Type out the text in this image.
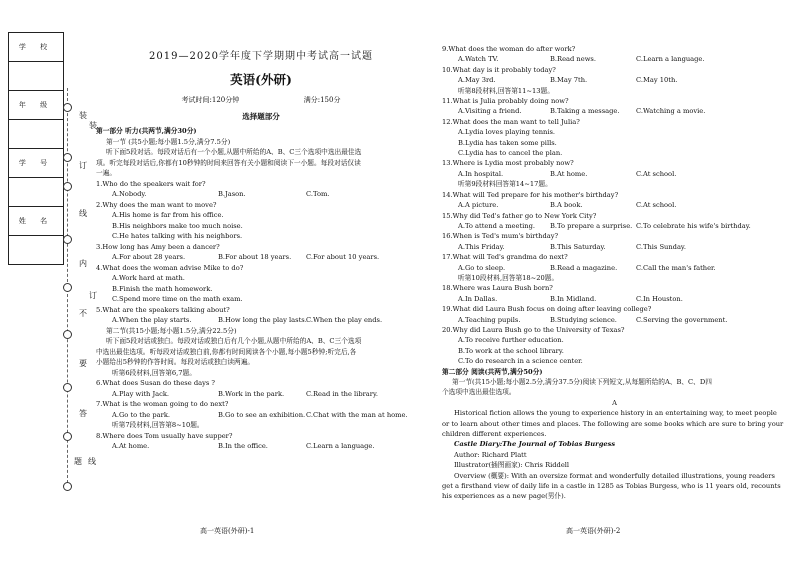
学 校

年 级

学 号

姓 名

装
装
订
线
内
订
不
要
答
题 线

2019—2020学年度下学期期中考试高一试题

英语(外研)

考试时间:120分钟	满分:150分

选择题部分

第一部分 听力(共两节,满分30分)

第一节 (共5小题;每小题1.5分,满分7.5分)

听下面5段对话。每段对话后有一个小题,从题中所给的A、B、C三个选项中选出最佳选

项。听完每段对话后,你都有10秒钟的时间来回答有关小题和阅读下一小题。每段对话仅读

一遍。

1.Who do the speakers wait for?

A.Nobody.	B.Jason.	C.Tom.

2.Why does the man want to move?

A.His home is far from his office.

B.His neighbors make too much noise.

C.He hates talking with his neighbors.

3.How long has Amy been a dancer?

A.For about 28 years.	B.For about 18 years.	C.For about 10 years.

4.What does the woman advise Mike to do?

A.Work hard at math.

B.Finish the math homework.

C.Spend more time on the math exam.

5.What are the speakers talking about?

A.When the play starts.	B.How long the play lasts. C.When the play ends.

第二节(共15小题;每小题1.5分,满分22.5分)

听下面5段对话或独白。每段对话或独白后有几个小题,从题中所给的A、B、C三个选项

中选出最佳选项。听每段对话或独白前,你都有时间阅读各个小题,每小题5秒钟;听完后,各

小题给出5秒钟的作答时间。每段对话或独白读两遍。

听第6段材料,回答第6,7题。

6.What does Susan do these days ?

A.Play with Jack.	B.Work in the park.	C.Read in the library.

7.What is the woman going to do next?

A.Go to the park.	B.Go to see an exhibition. C.Chat with the man at home.

听第7段材料,回答第8~10题。

8.Where does Tom usually have supper?

A.At home.	B.In the office.	C.Learn a language.
高一英语(外研)-1

9.What does the woman do after work?

A.Watch TV.	B.Read news.	C.Learn a language.

10.What day is it probably today?

A.May 3rd.	B.May 7th.	C.May 10th.

听第8段材料,回答第11~13题。

11.What is Julia probably doing now?

A.Visiting a friend.	B.Taking a message.	C.Watching a movie.

12.What does the man want to tell Julia?

A.Lydia loves playing tennis.

B.Lydia has taken some pills.

C.Lydia has to cancel the plan.

13.Where is Lydia most probably now?

A.In hospital.	B.At home.	C.At school.

听第9段材料回答第14~17题。

14.What will Ted prepare for his mother's birthday?

A.A picture.	B.A book.	C.At school.

15.Why did Ted's father go to New York City?

A.To attend a meeting.	B.To prepare a surprise. C.To celebrate his wife's birthday.

16.When is Ted's mum's birthday?

A.This Friday.	B.This Saturday.	C.This Sunday.

17.What will Ted's grandma do next?

A.Go to sleep.	B.Read a magazine.	C.Call the man's father.

听第10段材料,回答第18~20题。

18.Where was Laura Bush born?

A.In Dallas.	B.In Midland.	C.In Houston.

19.What did Laura Bush focus on doing after leaving college?

A.Teaching pupils.	B.Studying science.	C.Serving the government.

20.Why did Laura Bush go to the University of Texas?

A.To receive further education.

B.To work at the school library.

C.To do research in a science center.

第二部分 阅读(共两节,满分50分)

第一节(共15小题;每小题2.5分,满分37.5分)阅读下列短文,从每题所给的A、B、C、D四

个选项中选出最佳选项。

A

Historical fiction allows the young to experience history in an entertaining way, to meet people or to learn about other times and places. The following are some books which are sure to bring your children different experiences.

Castle Diary:The Journal of Tobias Burgess

Author: Richard Platt

Illustrator(插图画家): Chris Riddell

Overview (概要): With an oversize format and wonderfully detailed illustrations, young readers get a firsthand view of daily life in a castle in 1285 as Tobias Burgess, who is 11 years old, recounts his experiences as a new page(男仆).

高一英语(外研)-2
